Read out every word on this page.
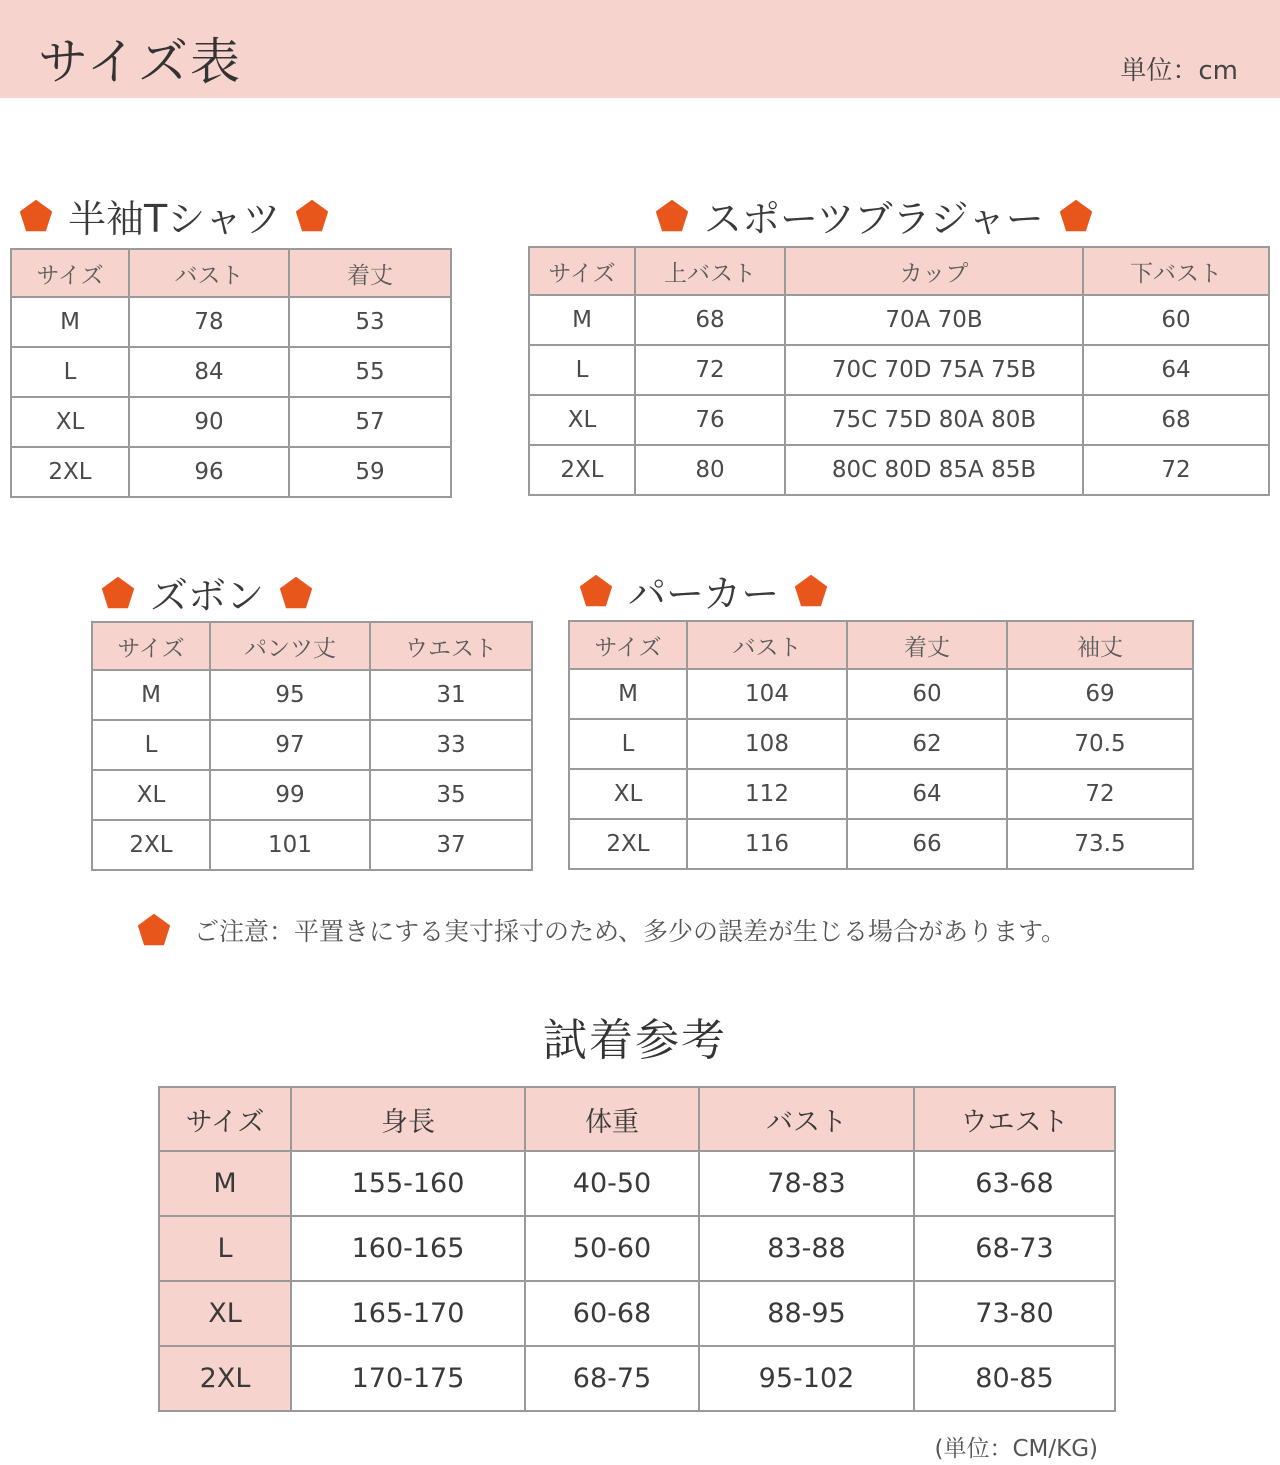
サイズ表	単位：cm
半袖Tシャツ
サイズ	バスト	着丈
M	78	53
L	84	55
XL	90	57
2XL	96	59
スポーツブラジャー
サイズ	上バスト	カップ	下バスト
M	68	70A 70B	60
L	72	70C 70D 75A 75B	64
XL	76	75C 75D 80A 80B	68
2XL	80	80C 80D 85A 85B	72
ズボン
サイズ	パンツ丈	ウエスト
M	95	31
L	97	33
XL	99	35
2XL	101	37
パーカー
サイズ	バスト	着丈	袖丈
M	104	60	69
L	108	62	70.5
XL	112	64	72
2XL	116	66	73.5
ご注意：平置きにする実寸採寸のため、多少の誤差が生じる場合があります。
試着参考
サイズ	身長	体重	バスト	ウエスト
M	155-160	40-50	78-83	63-68
L	160-165	50-60	83-88	68-73
XL	165-170	60-68	88-95	73-80
2XL	170-175	68-75	95-102	80-85
(単位：CM/KG)
